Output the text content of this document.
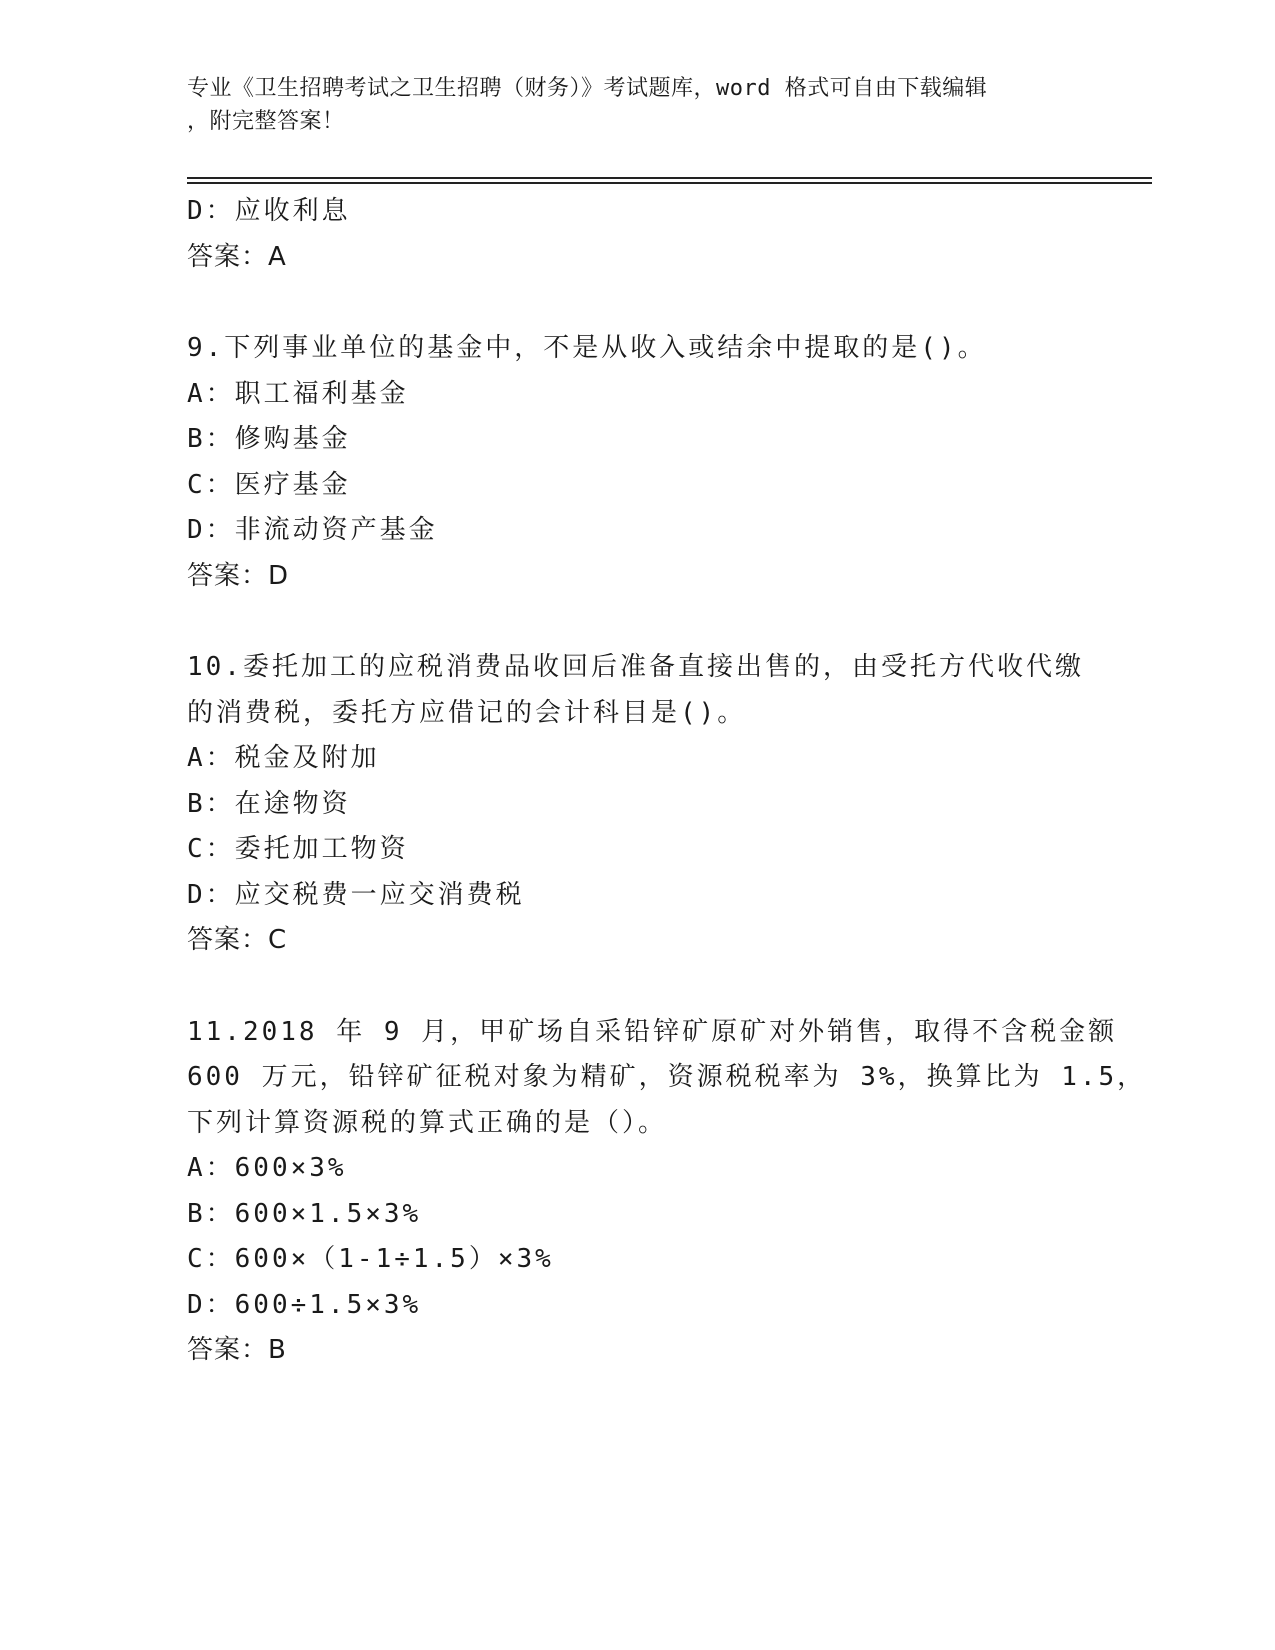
专业《卫生招聘考试之卫生招聘（财务）》考试题库，word 格式可自由下载编辑
，附完整答案！
D：应收利息
答案：A
9.下列事业单位的基金中，不是从收入或结余中提取的是()。
A：职工福利基金
B：修购基金
C：医疗基金
D：非流动资产基金
答案：D
10.委托加工的应税消费品收回后准备直接出售的，由受托方代收代缴
的消费税，委托方应借记的会计科目是()。
A：税金及附加
B：在途物资
C：委托加工物资
D：应交税费一应交消费税
答案：C
11.2018 年 9 月，甲矿场自采铅锌矿原矿对外销售，取得不含税金额
600 万元，铅锌矿征税对象为精矿，资源税税率为 3%，换算比为 1.5，
下列计算资源税的算式正确的是（）。
A：600×3%
B：600×1.5×3%
C：600×（1-1÷1.5）×3%
D：600÷1.5×3%
答案：B
